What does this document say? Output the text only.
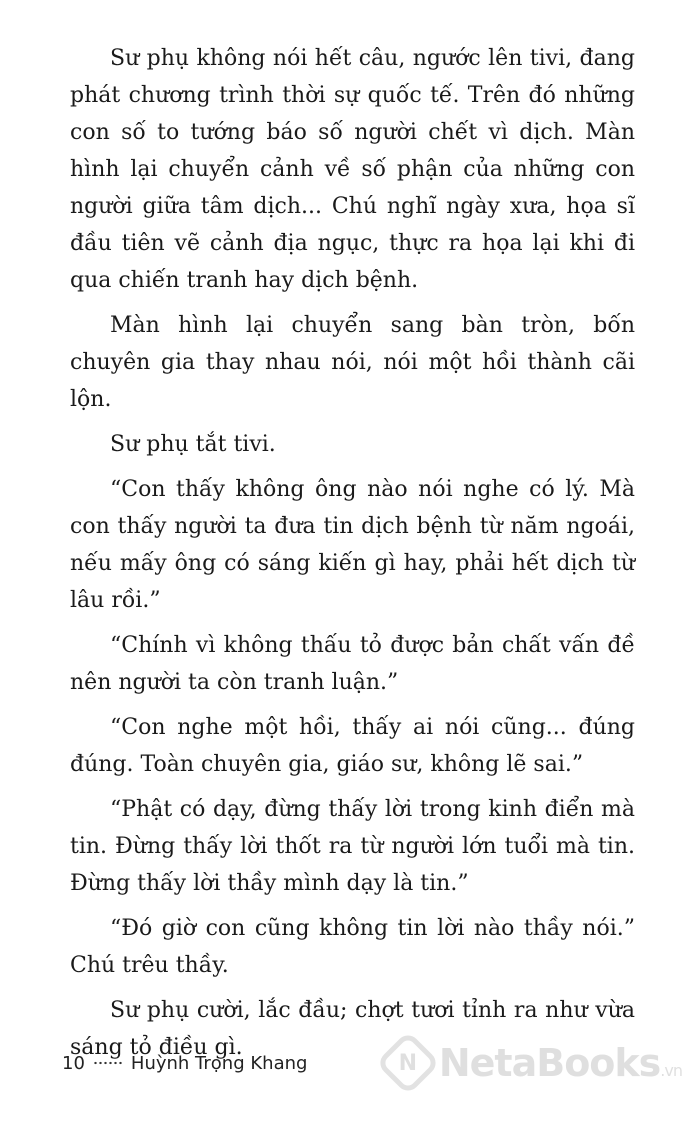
Sư phụ không nói hết câu, ngước lên tivi, đang phát chương trình thời sự quốc tế. Trên đó những con số to tướng báo số người chết vì dịch. Màn hình lại chuyển cảnh về số phận của những con người giữa tâm dịch... Chú nghĩ ngày xưa, họa sĩ đầu tiên vẽ cảnh địa ngục, thực ra họa lại khi đi qua chiến tranh hay dịch bệnh.

Màn hình lại chuyển sang bàn tròn, bốn chuyên gia thay nhau nói, nói một hồi thành cãi lộn.

Sư phụ tắt tivi.

“Con thấy không ông nào nói nghe có lý. Mà con thấy người ta đưa tin dịch bệnh từ năm ngoái, nếu mấy ông có sáng kiến gì hay, phải hết dịch từ lâu rồi.”

“Chính vì không thấu tỏ được bản chất vấn đề nên người ta còn tranh luận.”

“Con nghe một hồi, thấy ai nói cũng... đúng đúng. Toàn chuyên gia, giáo sư, không lẽ sai.”

“Phật có dạy, đừng thấy lời trong kinh điển mà tin. Đừng thấy lời thốt ra từ người lớn tuổi mà tin. Đừng thấy lời thầy mình dạy là tin.”

“Đó giờ con cũng không tin lời nào thầy nói.” Chú trêu thầy.

Sư phụ cười, lắc đầu; chợt tươi tỉnh ra như vừa sáng tỏ điều gì.

10	Huỳnh Trọng Khang	N NetaBooks.vn
